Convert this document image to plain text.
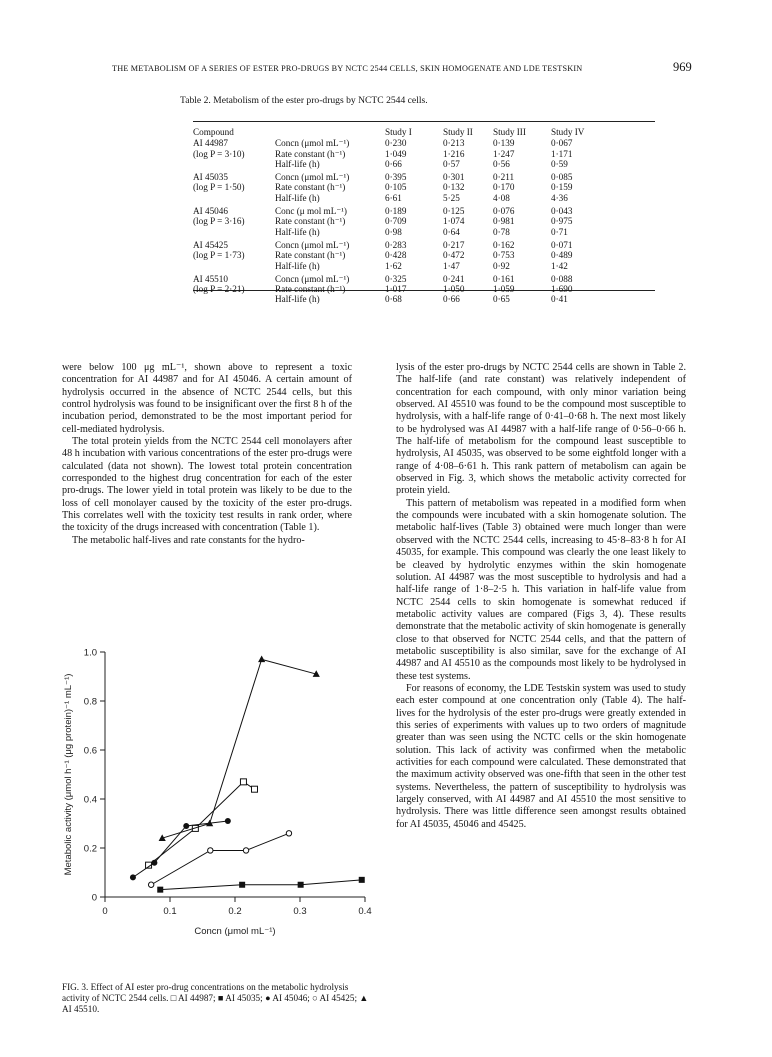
THE METABOLISM OF A SERIES OF ESTER PRO-DRUGS BY NCTC 2544 CELLS, SKIN HOMOGENATE AND LDE TESTSKIN	969
Table 2. Metabolism of the ester pro-drugs by NCTC 2544 cells.
Compound		Study I	Study II	Study III	Study IV
AI 44987	Concn (μmol mL⁻¹)	0·230	0·213	0·139	0·067
(log P = 3·10)	Rate constant (h⁻¹)	1·049	1·216	1·247	1·171
	Half-life (h)	0·66	0·57	0·56	0·59
AI 45035	Concn (μmol mL⁻¹)	0·395	0·301	0·211	0·085
(log P = 1·50)	Rate constant (h⁻¹)	0·105	0·132	0·170	0·159
	Half-life (h)	6·61	5·25	4·08	4·36
AI 45046	Conc (μ mol mL⁻¹)	0·189	0·125	0·076	0·043
(log P = 3·16)	Rate constant (h⁻¹)	0·709	1·074	0·981	0·975
	Half-life (h)	0·98	0·64	0·78	0·71
AI 45425	Concn (μmol mL⁻¹)	0·283	0·217	0·162	0·071
(log P = 1·73)	Rate constant (h⁻¹)	0·428	0·472	0·753	0·489
	Half-life (h)	1·62	1·47	0·92	1·42
AI 45510	Concn (μmol mL⁻¹)	0·325	0·241	0·161	0·088
(log P = 2·21)	Rate constant (h⁻¹)	1·017	1·050	1·059	1·690
	Half-life (h)	0·68	0·66	0·65	0·41

were below 100 μg mL⁻¹, shown above to represent a toxic concentration for AI 44987 and for AI 45046. A certain amount of hydrolysis occurred in the absence of NCTC 2544 cells, but this control hydrolysis was found to be insignificant over the first 8 h of the incubation period, demonstrated to be the most important period for cell-mediated hydrolysis.

The total protein yields from the NCTC 2544 cell monolayers after 48 h incubation with various concentrations of the ester pro-drugs were calculated (data not shown). The lowest total protein concentration corresponded to the highest drug concentration for each of the ester pro-drugs. The lower yield in total protein was likely to be due to the loss of cell monolayer caused by the toxicity of the ester pro-drugs. This correlates well with the toxicity test results in rank order, where the toxicity of the drugs increased with concentration (Table 1).

The metabolic half-lives and rate constants for the hydro-

lysis of the ester pro-drugs by NCTC 2544 cells are shown in Table 2. The half-life (and rate constant) was relatively independent of concentration for each compound, with only minor variation being observed. AI 45510 was found to be the compound most susceptible to hydrolysis, with a half-life range of 0·41–0·68 h. The next most likely to be hydrolysed was AI 44987 with a half-life range of 0·56–0·66 h. The half-life of metabolism for the compound least susceptible to hydrolysis, AI 45035, was observed to be some eightfold longer with a range of 4·08–6·61 h. This rank pattern of metabolism can again be observed in Fig. 3, which shows the metabolic activity corrected for protein yield.

This pattern of metabolism was repeated in a modified form when the compounds were incubated with a skin homogenate solution. The metabolic half-lives (Table 3) obtained were much longer than were observed with the NCTC 2544 cells, increasing to 45·8–83·8 h for AI 45035, for example. This compound was clearly the one least likely to be cleaved by hydrolytic enzymes within the skin homogenate solution. AI 44987 was the most susceptible to hydrolysis and had a half-life range of 1·8–2·5 h. This variation in half-life value from NCTC 2544 cells to skin homogenate is somewhat reduced if metabolic activity values are compared (Figs 3, 4). These results demonstrate that the metabolic activity of skin homogenate is generally close to that observed for NCTC 2544 cells, and that the pattern of metabolic susceptibility is also similar, save for the exchange of AI 44987 and AI 45510 as the compounds most likely to be hydrolysed in these test systems.

For reasons of economy, the LDE Testskin system was used to study each ester compound at one concentration only (Table 4). The half-lives for the hydrolysis of the ester pro-drugs were greatly extended in this series of experiments with values up to two orders of magnitude greater than was seen using the NCTC cells or the skin homogenate solution. This lack of activity was confirmed when the metabolic activities for each compound were calculated. These demonstrated that the maximum activity observed was one-fifth that seen in the other test systems. Nevertheless, the pattern of susceptibility to hydrolysis was largely conserved, with AI 44987 and AI 45510 the most sensitive to hydrolysis. There was little difference seen amongst results obtained for AI 45035, 45046 and 45425.

0
0.2
0.4
0.6
0.8
1.0
0	0.1	0.2	0.3	0.4
Concn (μmol mL⁻¹)
Metabolic activity (μmol h⁻¹ (μg protein)⁻¹ mL⁻¹)
FIG. 3. Effect of AI ester pro-drug concentrations on the metabolic hydrolysis activity of NCTC 2544 cells. □ AI 44987; ■ AI 45035; ● AI 45046; ○ AI 45425; ▲ AI 45510.
